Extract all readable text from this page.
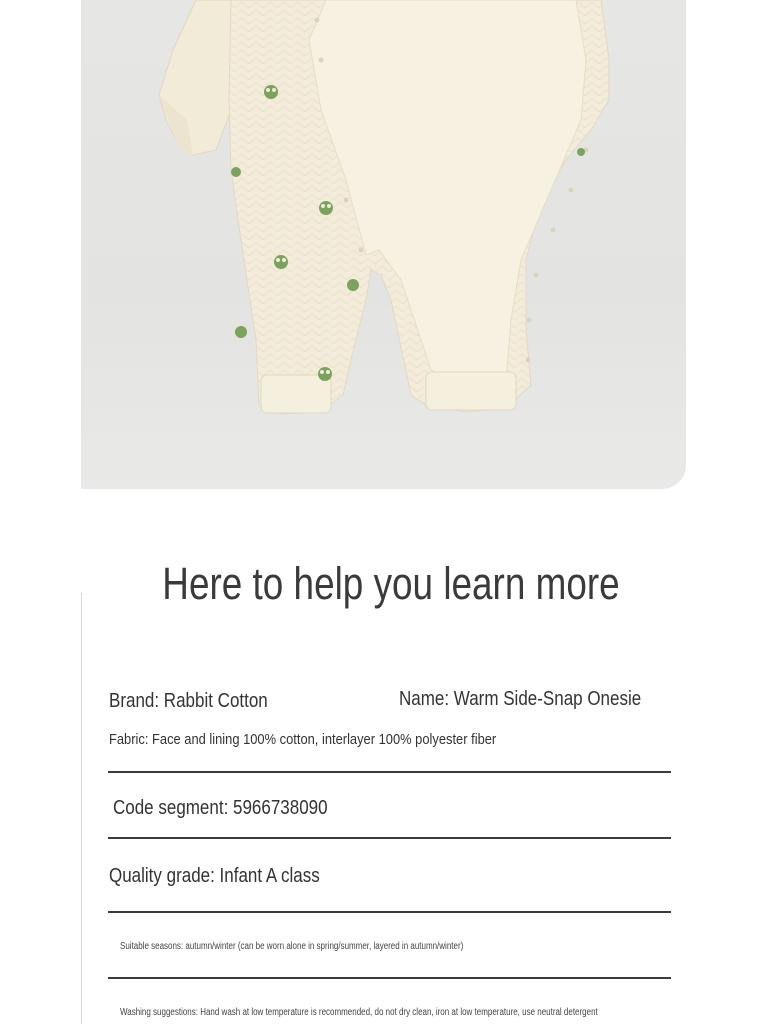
Here to help you learn more
Brand: Rabbit Cotton	Name: Warm Side-Snap Onesie
Fabric: Face and lining 100% cotton, interlayer 100% polyester fiber
Code segment: 5966738090
Quality grade: Infant A class
Suitable seasons: autumn/winter (can be worn alone in spring/summer, layered in autumn/winter)
Washing suggestions: Hand wash at low temperature is recommended, do not dry clean, iron at low temperature, use neutral detergent
